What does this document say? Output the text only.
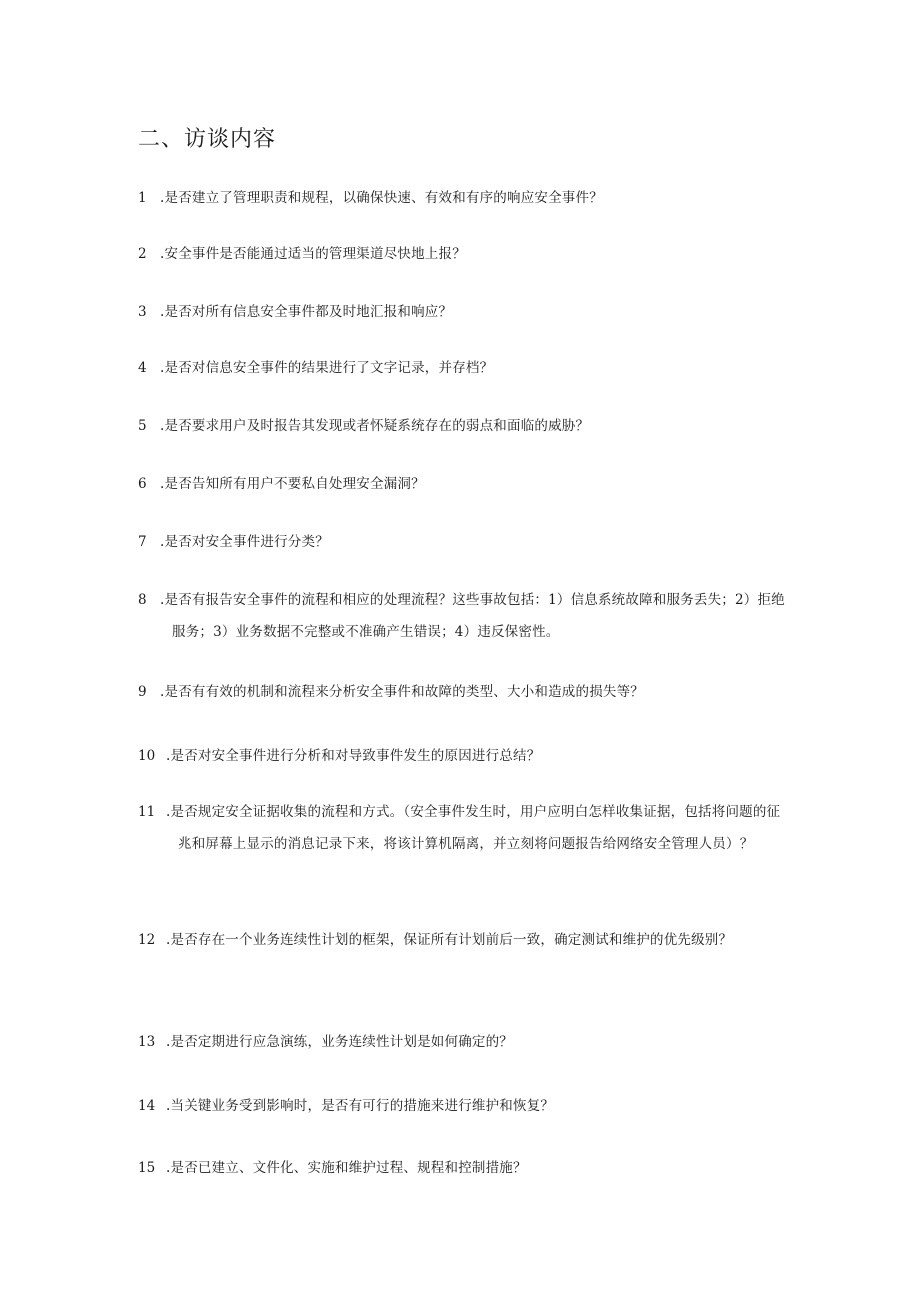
二、访谈内容
1 .是否建立了管理职责和规程，以确保快速、有效和有序的响应安全事件？
2 .安全事件是否能通过适当的管理渠道尽快地上报？
3 .是否对所有信息安全事件都及时地汇报和响应？
4 .是否对信息安全事件的结果进行了文字记录，并存档？
5 .是否要求用户及时报告其发现或者怀疑系统存在的弱点和面临的威胁？
6 .是否告知所有用户不要私自处理安全漏洞？
7 .是否对安全事件进行分类？
8 .是否有报告安全事件的流程和相应的处理流程？这些事故包括：1）信息系统故障和服务丢失；2）拒绝服务；3）业务数据不完整或不准确产生错误；4）违反保密性。
9 .是否有有效的机制和流程来分析安全事件和故障的类型、大小和造成的损失等？
10 .是否对安全事件进行分析和对导致事件发生的原因进行总结？
11 .是否规定安全证据收集的流程和方式。（安全事件发生时，用户应明白怎样收集证据，包括将问题的征兆和屏幕上显示的消息记录下来，将该计算机隔离，并立刻将问题报告给网络安全管理人员）？
12 .是否存在一个业务连续性计划的框架，保证所有计划前后一致，确定测试和维护的优先级别？
13 .是否定期进行应急演练，业务连续性计划是如何确定的？
14 .当关键业务受到影响时，是否有可行的措施来进行维护和恢复？
15 .是否已建立、文件化、实施和维护过程、规程和控制措施？
